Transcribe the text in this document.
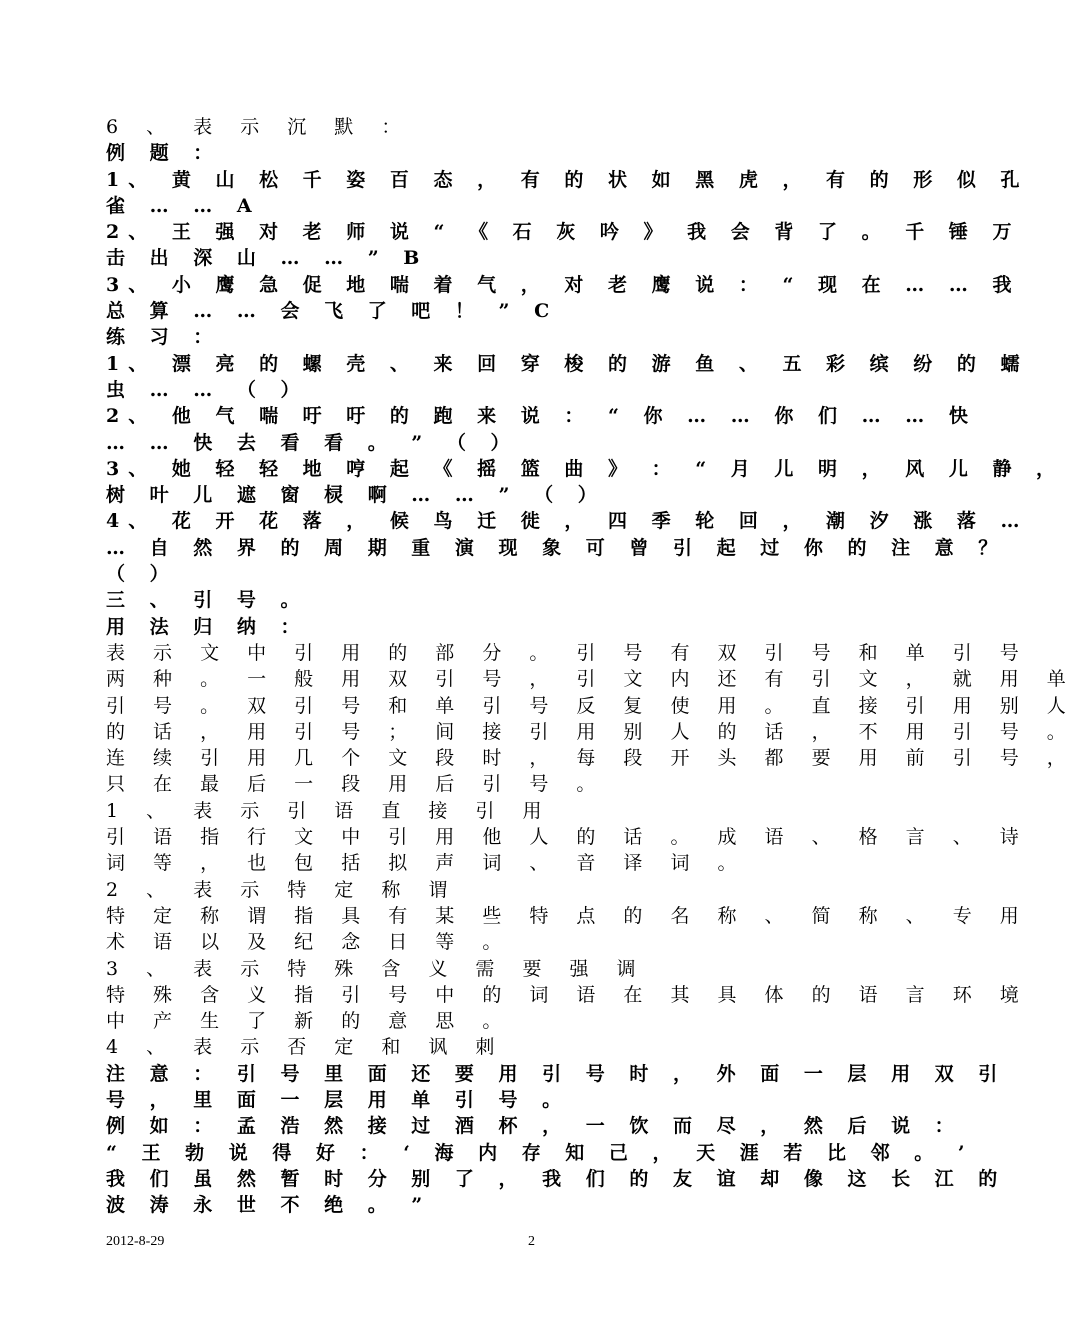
6 、 表 示 沉 默 ：
例 题 ：
1、 黄 山 松 千 姿 百 态 ， 有 的 状 如 黑 虎 ， 有 的 形 似 孔
雀 … … A
2、 王 强 对 老 师 说 “ 《 石 灰 吟 》 我 会 背 了 。 千 锤 万
击 出 深 山 … … ” B
3、 小 鹰 急 促 地 喘 着 气 ， 对 老 鹰 说 ： “ 现 在 … … 我
总 算 … … 会 飞 了 吧 ！ ” C
练 习 ：
1、 漂 亮 的 螺 壳 、 来 回 穿 梭 的 游 鱼 、 五 彩 缤 纷 的 蠕
虫 … … （ ）
2、 他 气 喘 吁 吁 的 跑 来 说 ： “ 你 … … 你 们 … … 快
… … 快 去 看 看 。 ” （ ）
3、 她 轻 轻 地 哼 起 《 摇 篮 曲 》 ： “ 月 儿 明 ， 风 儿 静 ，
树 叶 儿 遮 窗 棂 啊 … … ” （ ）
4、 花 开 花 落 ， 候 鸟 迁 徙 ， 四 季 轮 回 ， 潮 汐 涨 落 …
… 自 然 界 的 周 期 重 演 现 象 可 曾 引 起 过 你 的 注 意 ？
（ ）
三 、 引 号 。
用 法 归 纳 ：
表 示 文 中 引 用 的 部 分 。 引 号 有 双 引 号 和 单 引 号
两 种 。 一 般 用 双 引 号 ， 引 文 内 还 有 引 文 ， 就 用 单
引 号 。 双 引 号 和 单 引 号 反 复 使 用 。 直 接 引 用 别 人
的 话 ， 用 引 号 ； 间 接 引 用 别 人 的 话 ， 不 用 引 号 。
连 续 引 用 几 个 文 段 时 ， 每 段 开 头 都 要 用 前 引 号 ，
只 在 最 后 一 段 用 后 引 号 。
1 、 表 示 引 语 直 接 引 用
引 语 指 行 文 中 引 用 他 人 的 话 。 成 语 、 格 言 、 诗
词 等 ， 也 包 括 拟 声 词 、 音 译 词 。
2 、 表 示 特 定 称 谓
特 定 称 谓 指 具 有 某 些 特 点 的 名 称 、 简 称 、 专 用
术 语 以 及 纪 念 日 等 。
3 、 表 示 特 殊 含 义 需 要 强 调
特 殊 含 义 指 引 号 中 的 词 语 在 其 具 体 的 语 言 环 境
中 产 生 了 新 的 意 思 。
4 、 表 示 否 定 和 讽 刺
注 意 ： 引 号 里 面 还 要 用 引 号 时 ， 外 面 一 层 用 双 引
号 ， 里 面 一 层 用 单 引 号 。
例 如 ： 孟 浩 然 接 过 酒 杯 ， 一 饮 而 尽 ， 然 后 说 ：
“ 王 勃 说 得 好 ： ‘ 海 内 存 知 己 ， 天 涯 若 比 邻 。 ’
我 们 虽 然 暂 时 分 别 了 ， 我 们 的 友 谊 却 像 这 长 江 的
波 涛 永 世 不 绝 。 ”
2012-8-29	2
